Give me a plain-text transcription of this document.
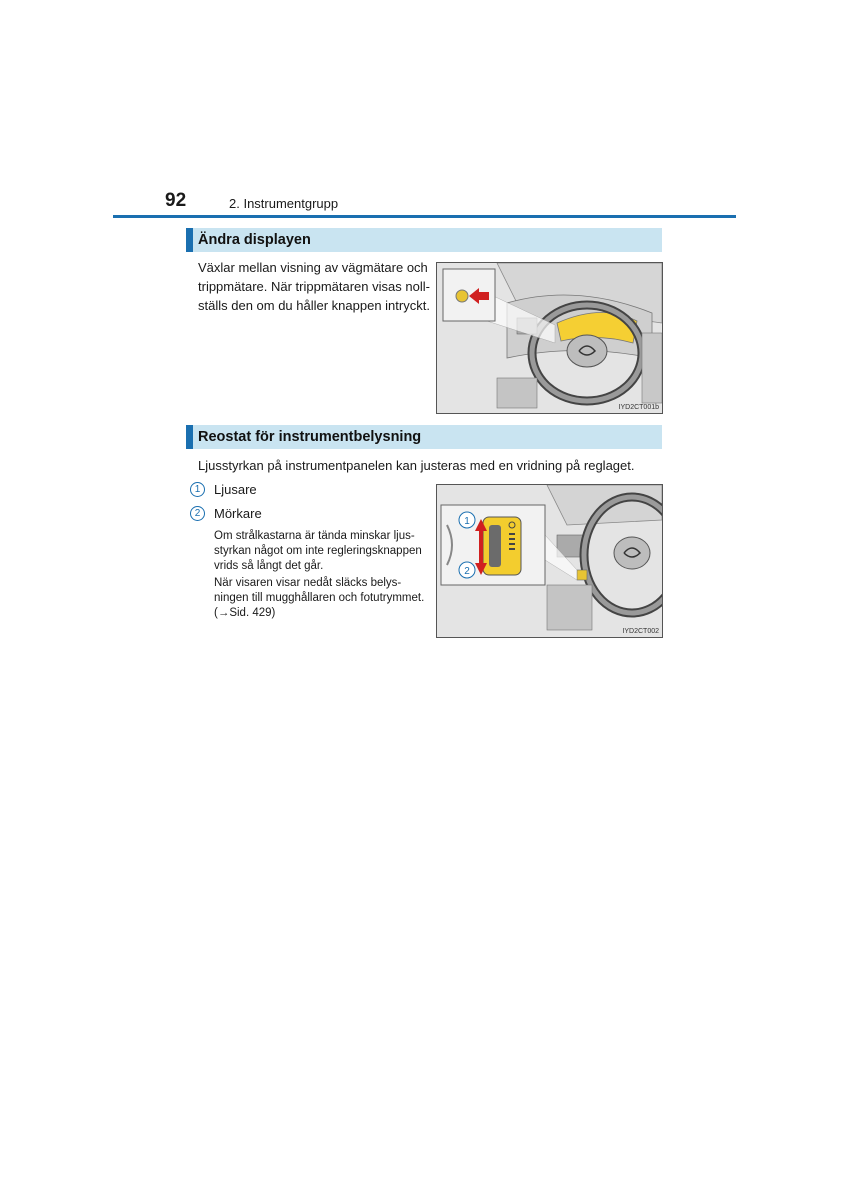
92	2. Instrumentgrupp
Ändra displayen
Växlar mellan visning av vägmätare och
trippmätare. När trippmätaren visas noll-
ställs den om du håller knappen intryckt.
IYD2CT001b
Reostat för instrumentbelysning
Ljusstyrkan på instrumentpanelen kan justeras med en vridning på reglaget.
1	Ljusare
2	Mörkare
Om strålkastarna är tända minskar ljus-
styrkan något om inte regleringsknappen
vrids så långt det går.
När visaren visar nedåt släcks belys-
ningen till mugghållaren och fotutrymmet.
(→Sid. 429)
1
2
IYD2CT002
